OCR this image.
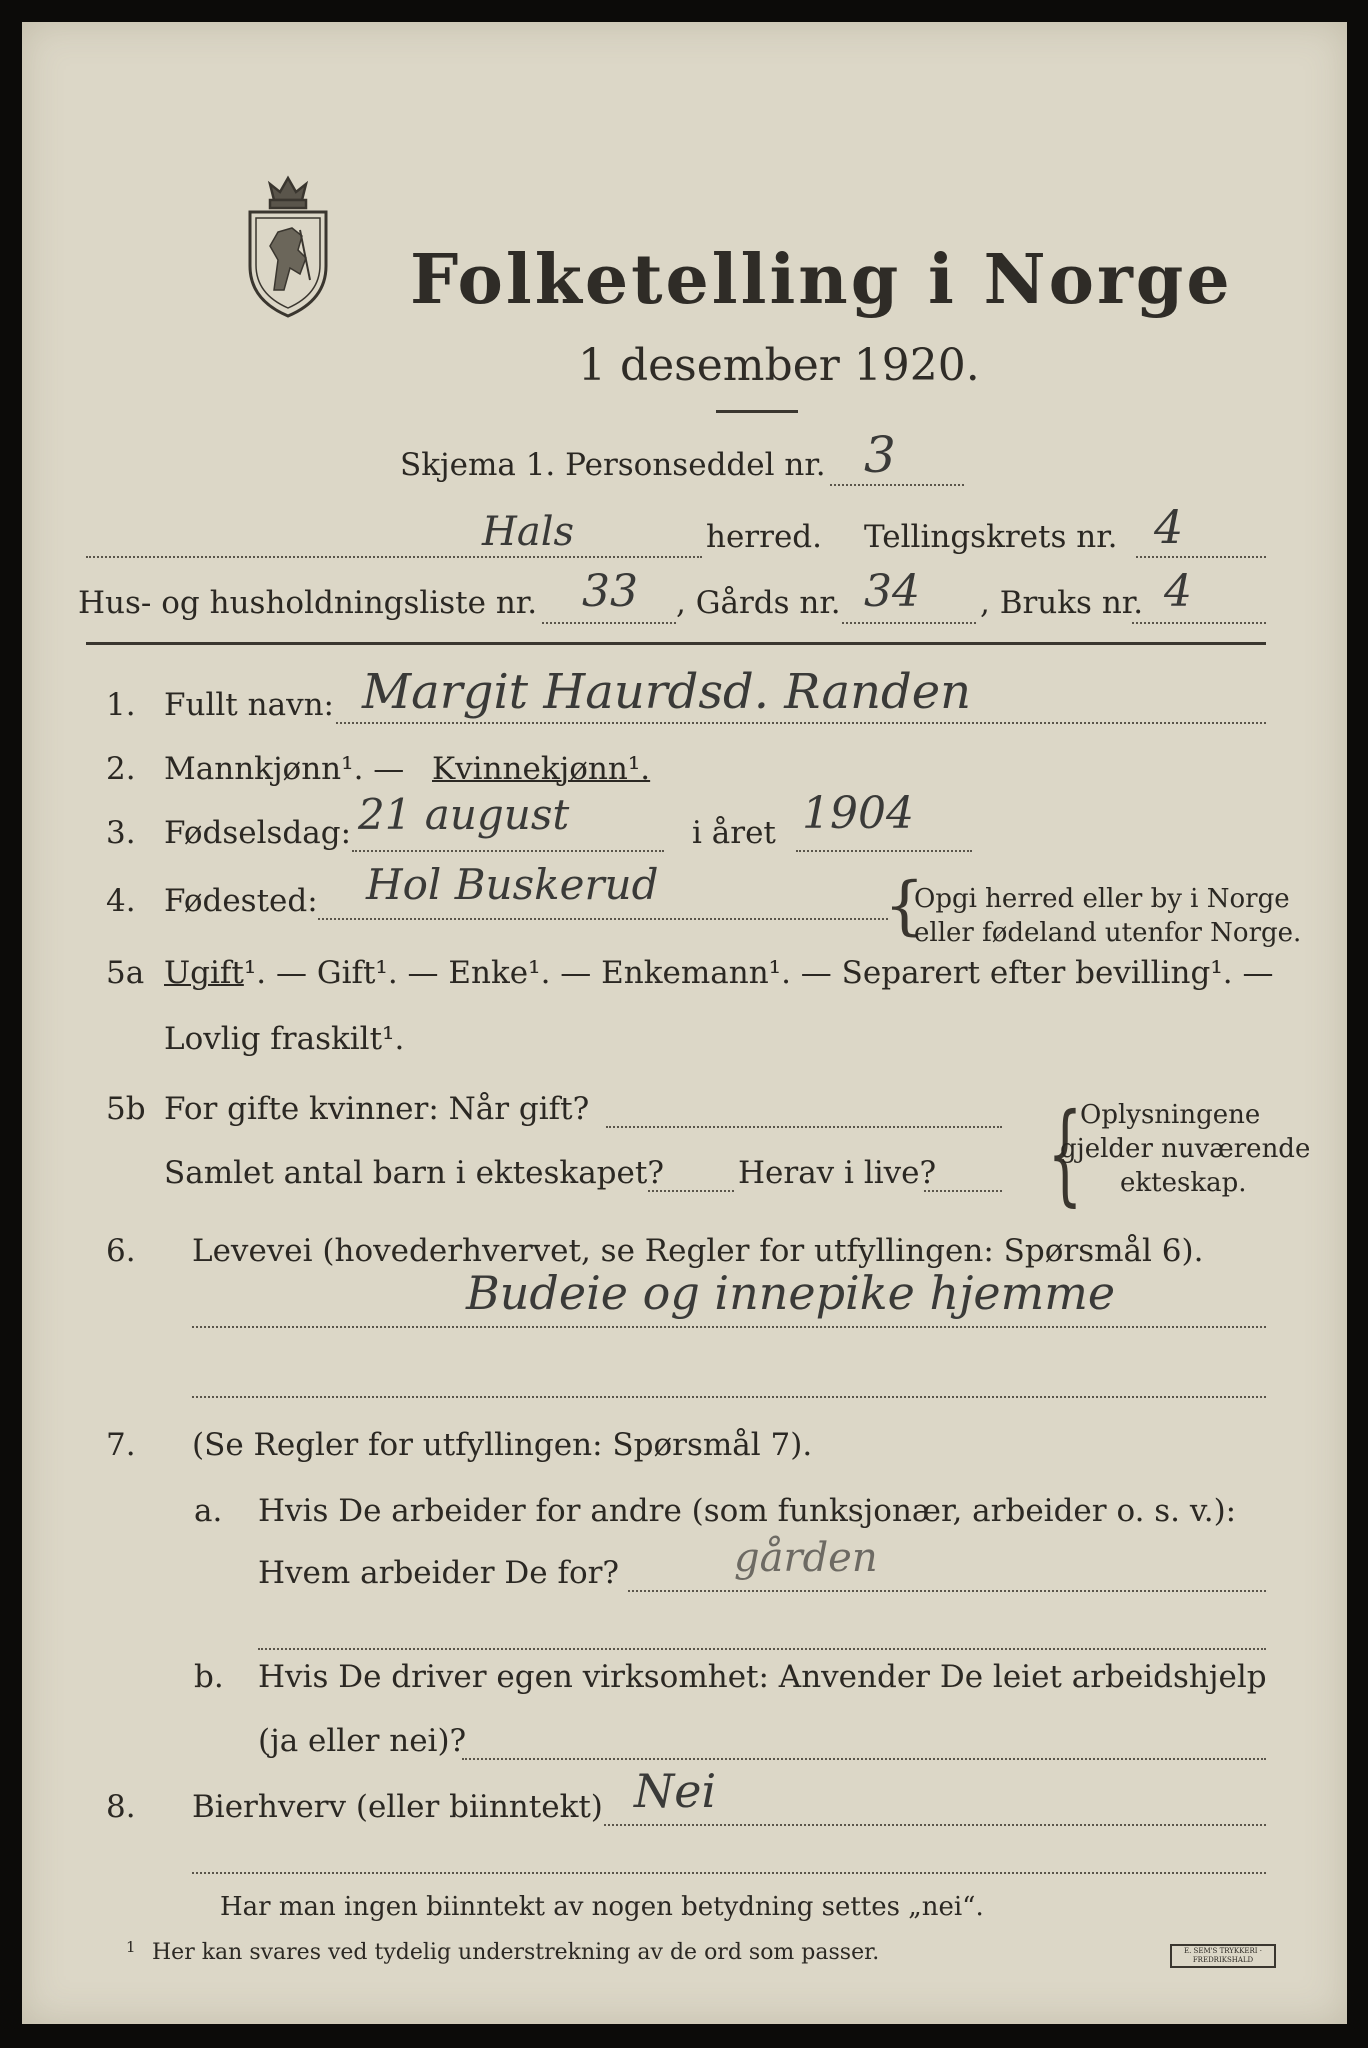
Folketelling i Norge
1 desember 1920.
Skjema 1. Personseddel nr. 3
Hals	herred. Tellingskrets nr. 4
Hus- og husholdningsliste nr. 33 , Gårds nr. 34 , Bruks nr. 4
1. Fullt navn: Margit Haurdsd. Randen
2. Mannkjønn¹. — Kvinnekjønn¹.
3. Fødselsdag: 21 august	i året 1904
4. Fødested: Hol Buskerud	{
Opgi herred eller by i Norge
eller fødeland utenfor Norge.
5a Ugift¹. — Gift¹. — Enke¹. — Enkemann¹. — Separert efter bevilling¹. —
Lovlig fraskilt¹.
5b For gifte kvinner: Når gift?
Samlet antal barn i ekteskapet? Herav i live? {
Oplysningene
gjelder nuværende
ekteskap.
6. Levevei (hovederhvervet, se Regler for utfyllingen: Spørsmål 6).
Budeie og innepike hjemme
7. (Se Regler for utfyllingen: Spørsmål 7).
a. Hvis De arbeider for andre (som funksjonær, arbeider o. s. v.):
Hvem arbeider De for?	gården
b. Hvis De driver egen virksomhet: Anvender De leiet arbeidshjelp
(ja eller nei)?
8. Bierhverv (eller biinntekt) Nei
Har man ingen biinntekt av nogen betydning settes „nei“.
1 Her kan svares ved tydelig understrekning av de ord som passer.	E. SEM'S TRYKKERI · FREDRIKSHALD
